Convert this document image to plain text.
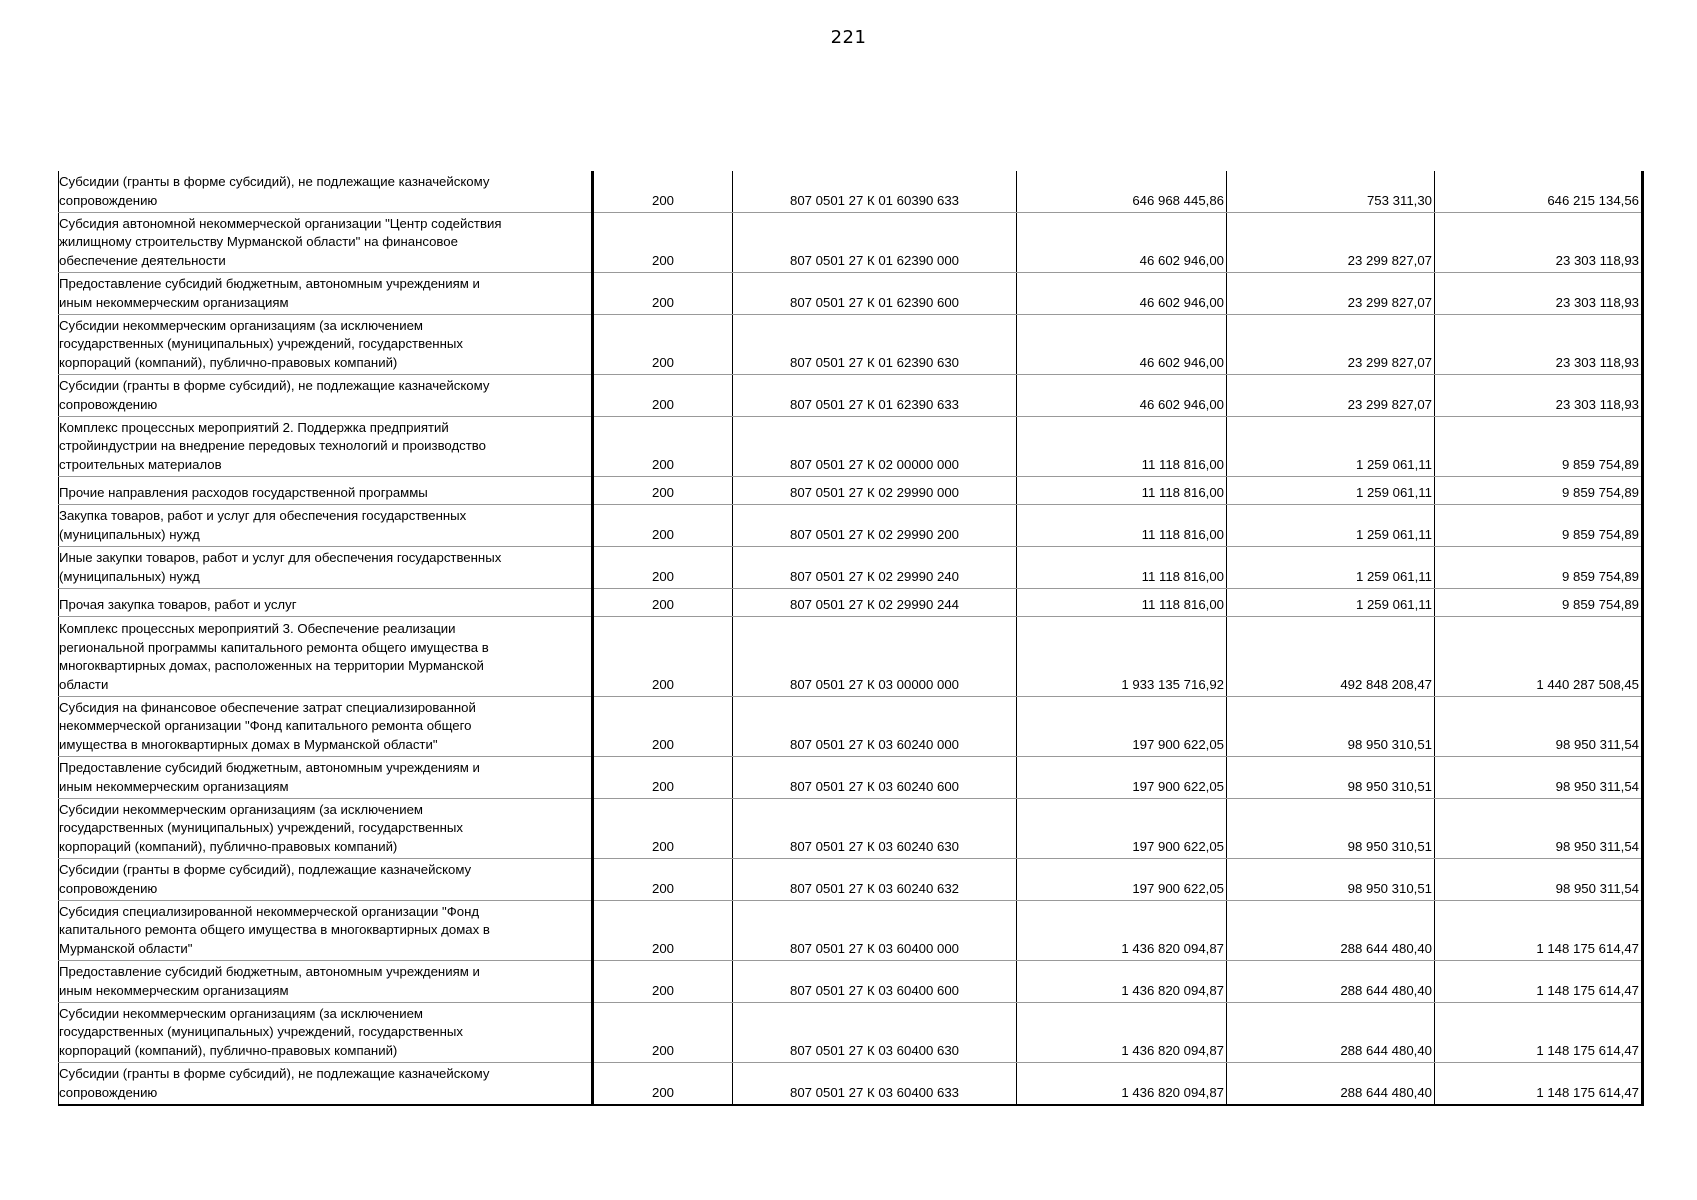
221
Субсидии (гранты в форме субсидий), не подлежащие казначейскому
сопровождению	200	807 0501 27 К 01 60390 633	646 968 445,86	753 311,30	646 215 134,56
Субсидия автономной некоммерческой организации "Центр содействия
жилищному строительству Мурманской области" на финансовое
обеспечение деятельности	200	807 0501 27 К 01 62390 000	46 602 946,00	23 299 827,07	23 303 118,93
Предоставление субсидий бюджетным, автономным учреждениям и
иным некоммерческим организациям	200	807 0501 27 К 01 62390 600	46 602 946,00	23 299 827,07	23 303 118,93
Субсидии некоммерческим организациям (за исключением
государственных (муниципальных) учреждений, государственных
корпораций (компаний), публично-правовых компаний)	200	807 0501 27 К 01 62390 630	46 602 946,00	23 299 827,07	23 303 118,93
Субсидии (гранты в форме субсидий), не подлежащие казначейскому
сопровождению	200	807 0501 27 К 01 62390 633	46 602 946,00	23 299 827,07	23 303 118,93
Комплекс процессных мероприятий 2. Поддержка предприятий
стройиндустрии на внедрение передовых технологий и производство
строительных материалов	200	807 0501 27 К 02 00000 000	11 118 816,00	1 259 061,11	9 859 754,89
Прочие направления расходов государственной программы	200	807 0501 27 К 02 29990 000	11 118 816,00	1 259 061,11	9 859 754,89
Закупка товаров, работ и услуг для обеспечения государственных
(муниципальных) нужд	200	807 0501 27 К 02 29990 200	11 118 816,00	1 259 061,11	9 859 754,89
Иные закупки товаров, работ и услуг для обеспечения государственных
(муниципальных) нужд	200	807 0501 27 К 02 29990 240	11 118 816,00	1 259 061,11	9 859 754,89
Прочая закупка товаров, работ и услуг	200	807 0501 27 К 02 29990 244	11 118 816,00	1 259 061,11	9 859 754,89
Комплекс процессных мероприятий 3. Обеспечение реализации
региональной программы капитального ремонта общего имущества в
многоквартирных домах, расположенных на территории Мурманской
области	200	807 0501 27 К 03 00000 000	1 933 135 716,92	492 848 208,47	1 440 287 508,45
Субсидия на финансовое обеспечение затрат специализированной
некоммерческой организации "Фонд капитального ремонта общего
имущества в многоквартирных домах в Мурманской области"	200	807 0501 27 К 03 60240 000	197 900 622,05	98 950 310,51	98 950 311,54
Предоставление субсидий бюджетным, автономным учреждениям и
иным некоммерческим организациям	200	807 0501 27 К 03 60240 600	197 900 622,05	98 950 310,51	98 950 311,54
Субсидии некоммерческим организациям (за исключением
государственных (муниципальных) учреждений, государственных
корпораций (компаний), публично-правовых компаний)	200	807 0501 27 К 03 60240 630	197 900 622,05	98 950 310,51	98 950 311,54
Субсидии (гранты в форме субсидий), подлежащие казначейскому
сопровождению	200	807 0501 27 К 03 60240 632	197 900 622,05	98 950 310,51	98 950 311,54
Субсидия специализированной некоммерческой организации "Фонд
капитального ремонта общего имущества в многоквартирных домах в
Мурманской области"	200	807 0501 27 К 03 60400 000	1 436 820 094,87	288 644 480,40	1 148 175 614,47
Предоставление субсидий бюджетным, автономным учреждениям и
иным некоммерческим организациям	200	807 0501 27 К 03 60400 600	1 436 820 094,87	288 644 480,40	1 148 175 614,47
Субсидии некоммерческим организациям (за исключением
государственных (муниципальных) учреждений, государственных
корпораций (компаний), публично-правовых компаний)	200	807 0501 27 К 03 60400 630	1 436 820 094,87	288 644 480,40	1 148 175 614,47
Субсидии (гранты в форме субсидий), не подлежащие казначейскому
сопровождению	200	807 0501 27 К 03 60400 633	1 436 820 094,87	288 644 480,40	1 148 175 614,47
